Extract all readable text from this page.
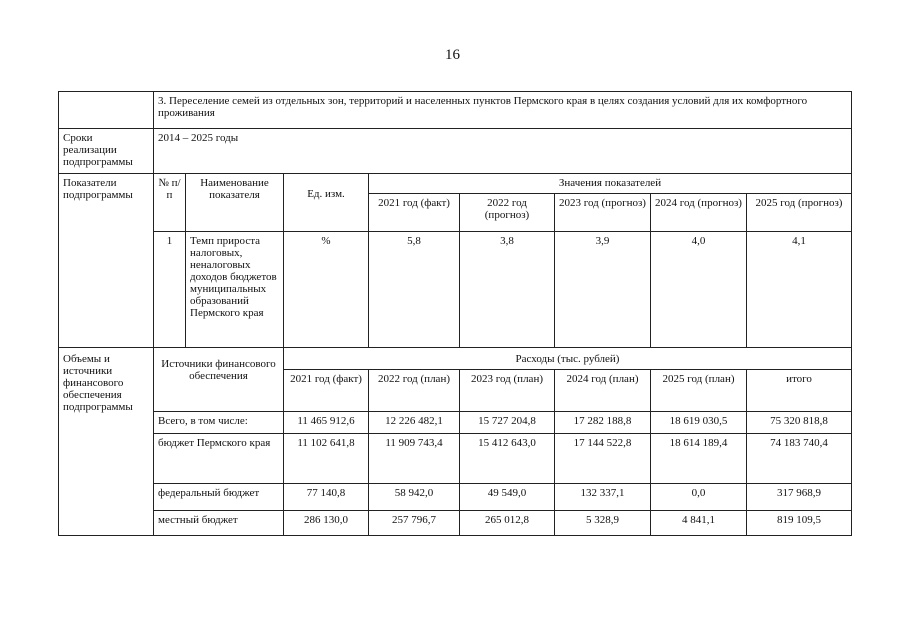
16
	3. Переселение семей из отдельных зон, территорий и населенных пунктов Пермского края в целях создания условий для их комфортного проживания							
Сроки реализации подпрограммы	2014 – 2025 годы							
Показатели подпрограммы	№ п/п	Наименование показателя	Ед. изм.	Значения показателей				
				2021 год (факт)	2022 год (прогноз)	2023 год (прогноз)	2024 год (прогноз)	2025 год (прогноз)
	1	Темп прироста налоговых, неналоговых доходов бюджетов муниципальных образований Пермского края	%	5,8	3,8	3,9	4,0	4,1
Объемы и источники финансового обеспечения подпрограммы	Источники финансового обеспечения		Расходы (тыс. рублей)					
			2021 год (факт)	2022 год (план)	2023 год (план)	2024 год (план)	2025 год (план)	итого
	Всего, в том числе:		11 465 912,6	12 226 482,1	15 727 204,8	17 282 188,8	18 619 030,5	75 320 818,8
	бюджет Пермского края		11 102 641,8	11 909 743,4	15 412 643,0	17 144 522,8	18 614 189,4	74 183 740,4
	федеральный бюджет		77 140,8	58 942,0	49 549,0	132 337,1	0,0	317 968,9
	местный бюджет		286 130,0	257 796,7	265 012,8	5 328,9	4 841,1	819 109,5
